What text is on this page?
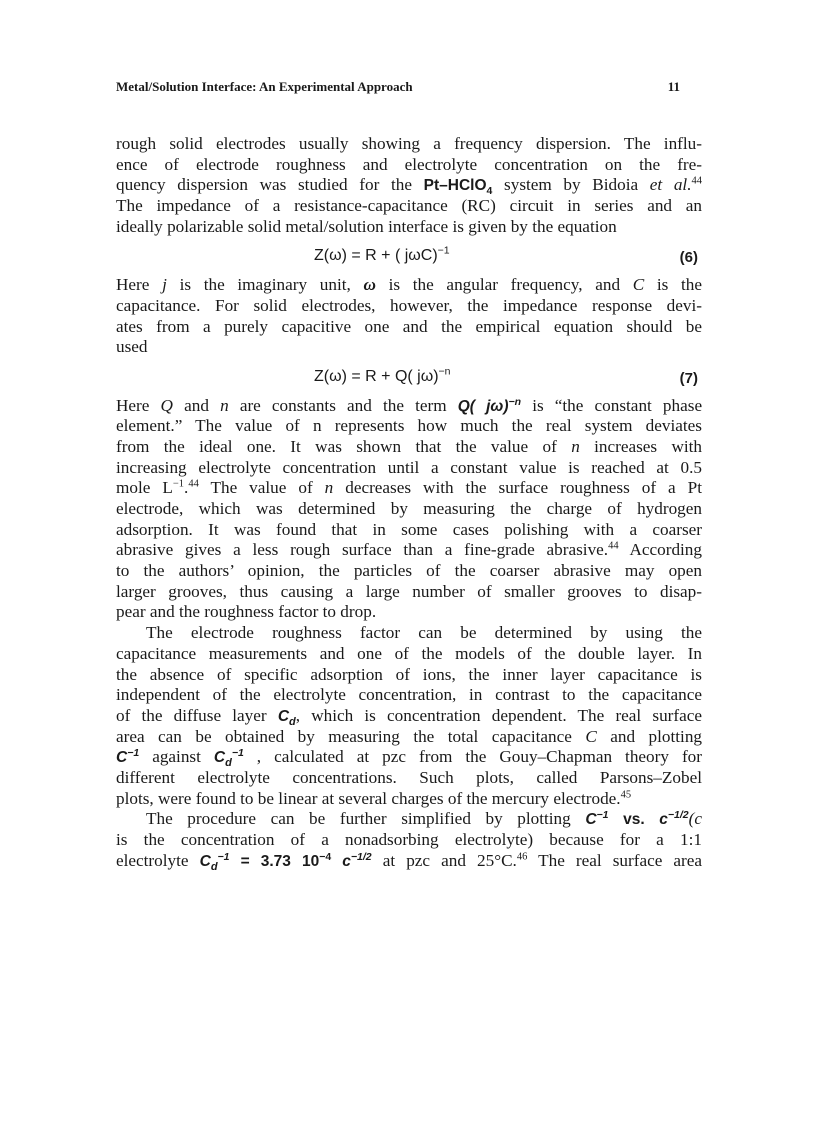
Metal/Solution Interface: An Experimental Approach	11
rough solid electrodes usually showing a frequency dispersion. The influ-
ence of electrode roughness and electrolyte concentration on the fre-
quency dispersion was studied for the Pt–HClO$_4$ system by Bidoia et al.$^{44}$
The impedance of a resistance-capacitance (RC) circuit in series and an
ideally polarizable solid metal/solution interface is given by the equation
Z(ω) = R + ( jωC)$^{-1}$	(6)
Here j is the imaginary unit, ω is the angular frequency, and C is the
capacitance. For solid electrodes, however, the impedance response devi-
ates from a purely capacitive one and the empirical equation should be
used
Z(ω) = R + Q( jω)$^{-n}$	(7)
Here Q and n are constants and the term Q( jω)$^{-n}$ is “the constant phase
element.” The value of n represents how much the real system deviates
from the ideal one. It was shown that the value of n increases with
increasing electrolyte concentration until a constant value is reached at 0.5
mole $L^{-1}.^{44}$ The value of n decreases with the surface roughness of a Pt
electrode, which was determined by measuring the charge of hydrogen
adsorption. It was found that in some cases polishing with a coarser
abrasive gives a less rough surface than a fine-grade abrasive.$^{44}$ According
to the authors’ opinion, the particles of the coarser abrasive may open
larger grooves, thus causing a large number of smaller grooves to disap-
pear and the roughness factor to drop.
The electrode roughness factor can be determined by using the
capacitance measurements and one of the models of the double layer. In
the absence of specific adsorption of ions, the inner layer capacitance is
independent of the electrolyte concentration, in contrast to the capacitance
of the diffuse layer $C_d$, which is concentration dependent. The real surface
area can be obtained by measuring the total capacitance C and plotting
$C^{-1}$ against $C_d^{-1}$ , calculated at pzc from the Gouy–Chapman theory for
different electrolyte concentrations. Such plots, called Parsons–Zobel
plots, were found to be linear at several charges of the mercury electrode.$^{45}$
The procedure can be further simplified by plotting $C^{-1}$ vs. $c^{-1/2}(c$
is the concentration of a nonadsorbing electrolyte) because for a 1:1
electrolyte $C_d^{-1} = 3.73$ $10^{-4}$ $c^{-1/2}$ at pzc and 25°C.$^{46}$ The real surface area
